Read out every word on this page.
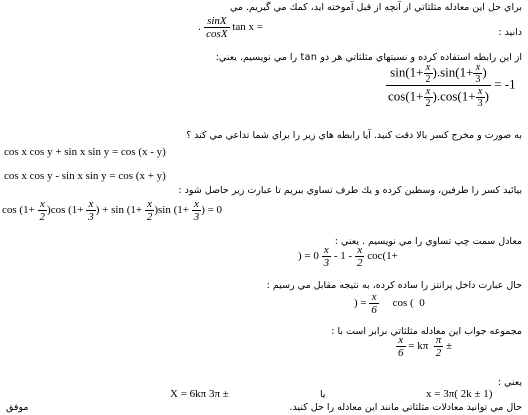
براي حل اين معادله مثلثاتي از آنچه از قبل آموخته ايد، كمك مي گيريم. مي
. $\frac{\sin X}{\cos X}$ tan x =	دانيد :
از اين رابطه استفاده كرده و نسبتهاي مثلثاتي هر دو tan را مي نويسيم. يعني:
$\frac{\sin(1+ \frac{x}{2} ).\sin(1+ \frac{x}{3} )}{\cos(1+ \frac{x}{2} ).\cos(1+ \frac{x}{3} )} = -1$
به صورت و مخرج كسر بالا دقت كنيد. آيا رابطه هاي زير را براي شما تداعي مي كند ؟
cos x cos y + sin x sin y = cos (x - y)
cos x cos y - sin x sin y = cos (x + y)
بيائيد كسر را طرفين، وسطين كرده و يك طرف تساوي ببريم تا عبارت زير حاصل شود :
$\cos (1+ \frac{x}{2} )\cos$ ($1+ \frac{x}{3}$ ) + $\sin (1+ \frac{x}{2} )\sin$ ($1+ \frac{x}{3}$ ) = 0
معادل سمت چپ تساوي را مي نويسيم . يعني :
) = $0 \frac{x}{3} - 1 - \frac{x}{2} coc(1+$
حال عبارت داخل پرانتز را ساده كرده، به نتيجه مقابل مي رسيم :
) = $\frac{x}{6}$ cos (  0
مجموعه جواب اين معادله مثلثاتي برابر است با :
$\frac{x}{6} = k\pi \frac{\pi}{2}$ ±
يعني :
X = 6kπ 3π ±	يا	x = 3π( 2k ± 1)
حال مي توانيد معادلات مثلثاتي مانند اين معادله را حل كنيد.
موفق
